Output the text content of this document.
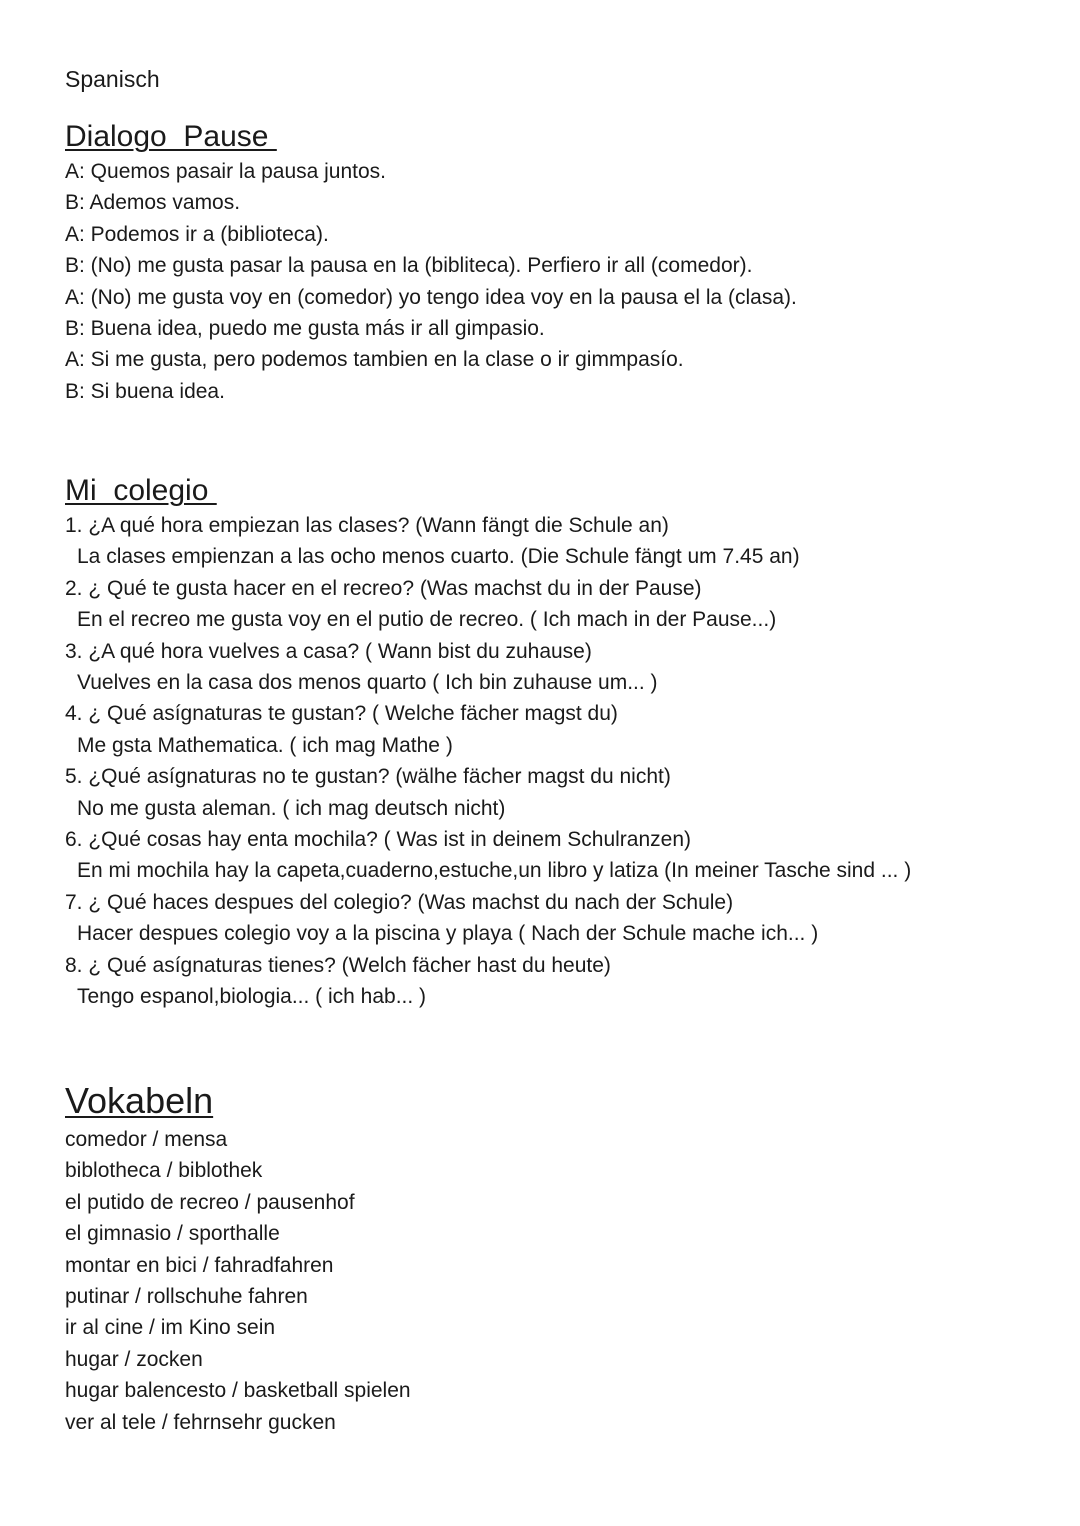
Spanisch

Dialogo  Pause
A: Quemos pasair la pausa juntos.
B: Ademos vamos.
A: Podemos ir a (biblioteca).
B: (No) me gusta pasar la pausa en la (bibliteca). Perfiero ir all (comedor).
A: (No) me gusta voy en (comedor) yo tengo idea voy en la pausa el la (clasa).
B: Buena idea, puedo me gusta más ir all gimpasio.
A: Si me gusta, pero podemos tambien en la clase o ir gimmpasío.
B: Si buena idea.
Mi  colegio
1. ¿A qué hora empiezan las clases? (Wann fängt die Schule an)
La clases empienzan a las ocho menos cuarto. (Die Schule fängt um 7.45 an)
2. ¿ Qué te gusta hacer en el recreo? (Was machst du in der Pause)
En el recreo me gusta voy en el putio de recreo. ( Ich mach in der Pause...)
3. ¿A qué hora vuelves a casa? ( Wann bist du zuhause)
Vuelves en la casa dos menos quarto ( Ich bin zuhause um... )
4. ¿ Qué asígnaturas te gustan? ( Welche fächer magst du)
Me gsta Mathematica. ( ich mag Mathe )
5. ¿Qué asígnaturas no te gustan? (wälhe fächer magst du nicht)
No me gusta aleman. ( ich mag deutsch nicht)
6. ¿Qué cosas hay enta mochila? ( Was ist in deinem Schulranzen)
En mi mochila hay la capeta,cuaderno,estuche,un libro y latiza (In meiner Tasche sind ... )
7. ¿ Qué haces despues del colegio? (Was machst du nach der Schule)
Hacer despues colegio voy a la piscina y playa ( Nach der Schule mache ich... )
8. ¿ Qué asígnaturas tienes? (Welch fächer hast du heute)
Tengo espanol,biologia... ( ich hab... )
Vokabeln
comedor / mensa
biblotheca / biblothek
el putido de recreo / pausenhof
el gimnasio / sporthalle
montar en bici / fahradfahren
putinar / rollschuhe fahren
ir al cine / im Kino sein
hugar / zocken
hugar balencesto / basketball spielen
ver al tele / fehrnsehr gucken
